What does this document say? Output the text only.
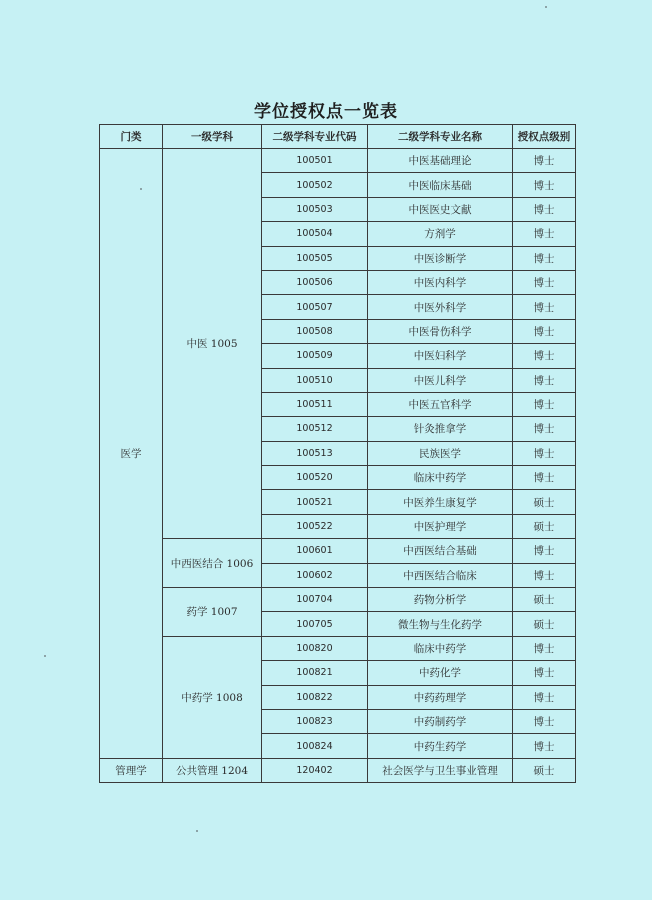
学位授权点一览表
门类	一级学科	二级学科专业代码	二级学科专业名称	授权点级别
医学	中医 1005	100501	中医基础理论	博士
		100502	中医临床基础	博士
		100503	中医医史文献	博士
		100504	方剂学	博士
		100505	中医诊断学	博士
		100506	中医内科学	博士
		100507	中医外科学	博士
		100508	中医骨伤科学	博士
		100509	中医妇科学	博士
		100510	中医儿科学	博士
		100511	中医五官科学	博士
		100512	针灸推拿学	博士
		100513	民族医学	博士
		100520	临床中药学	博士
		100521	中医养生康复学	硕士
		100522	中医护理学	硕士
	中西医结合 1006	100601	中西医结合基础	博士
		100602	中西医结合临床	博士
	药学 1007	100704	药物分析学	硕士
		100705	微生物与生化药学	硕士
	中药学 1008	100820	临床中药学	博士
		100821	中药化学	博士
		100822	中药药理学	博士
		100823	中药制药学	博士
		100824	中药生药学	博士
管理学	公共管理 1204	120402	社会医学与卫生事业管理	硕士
